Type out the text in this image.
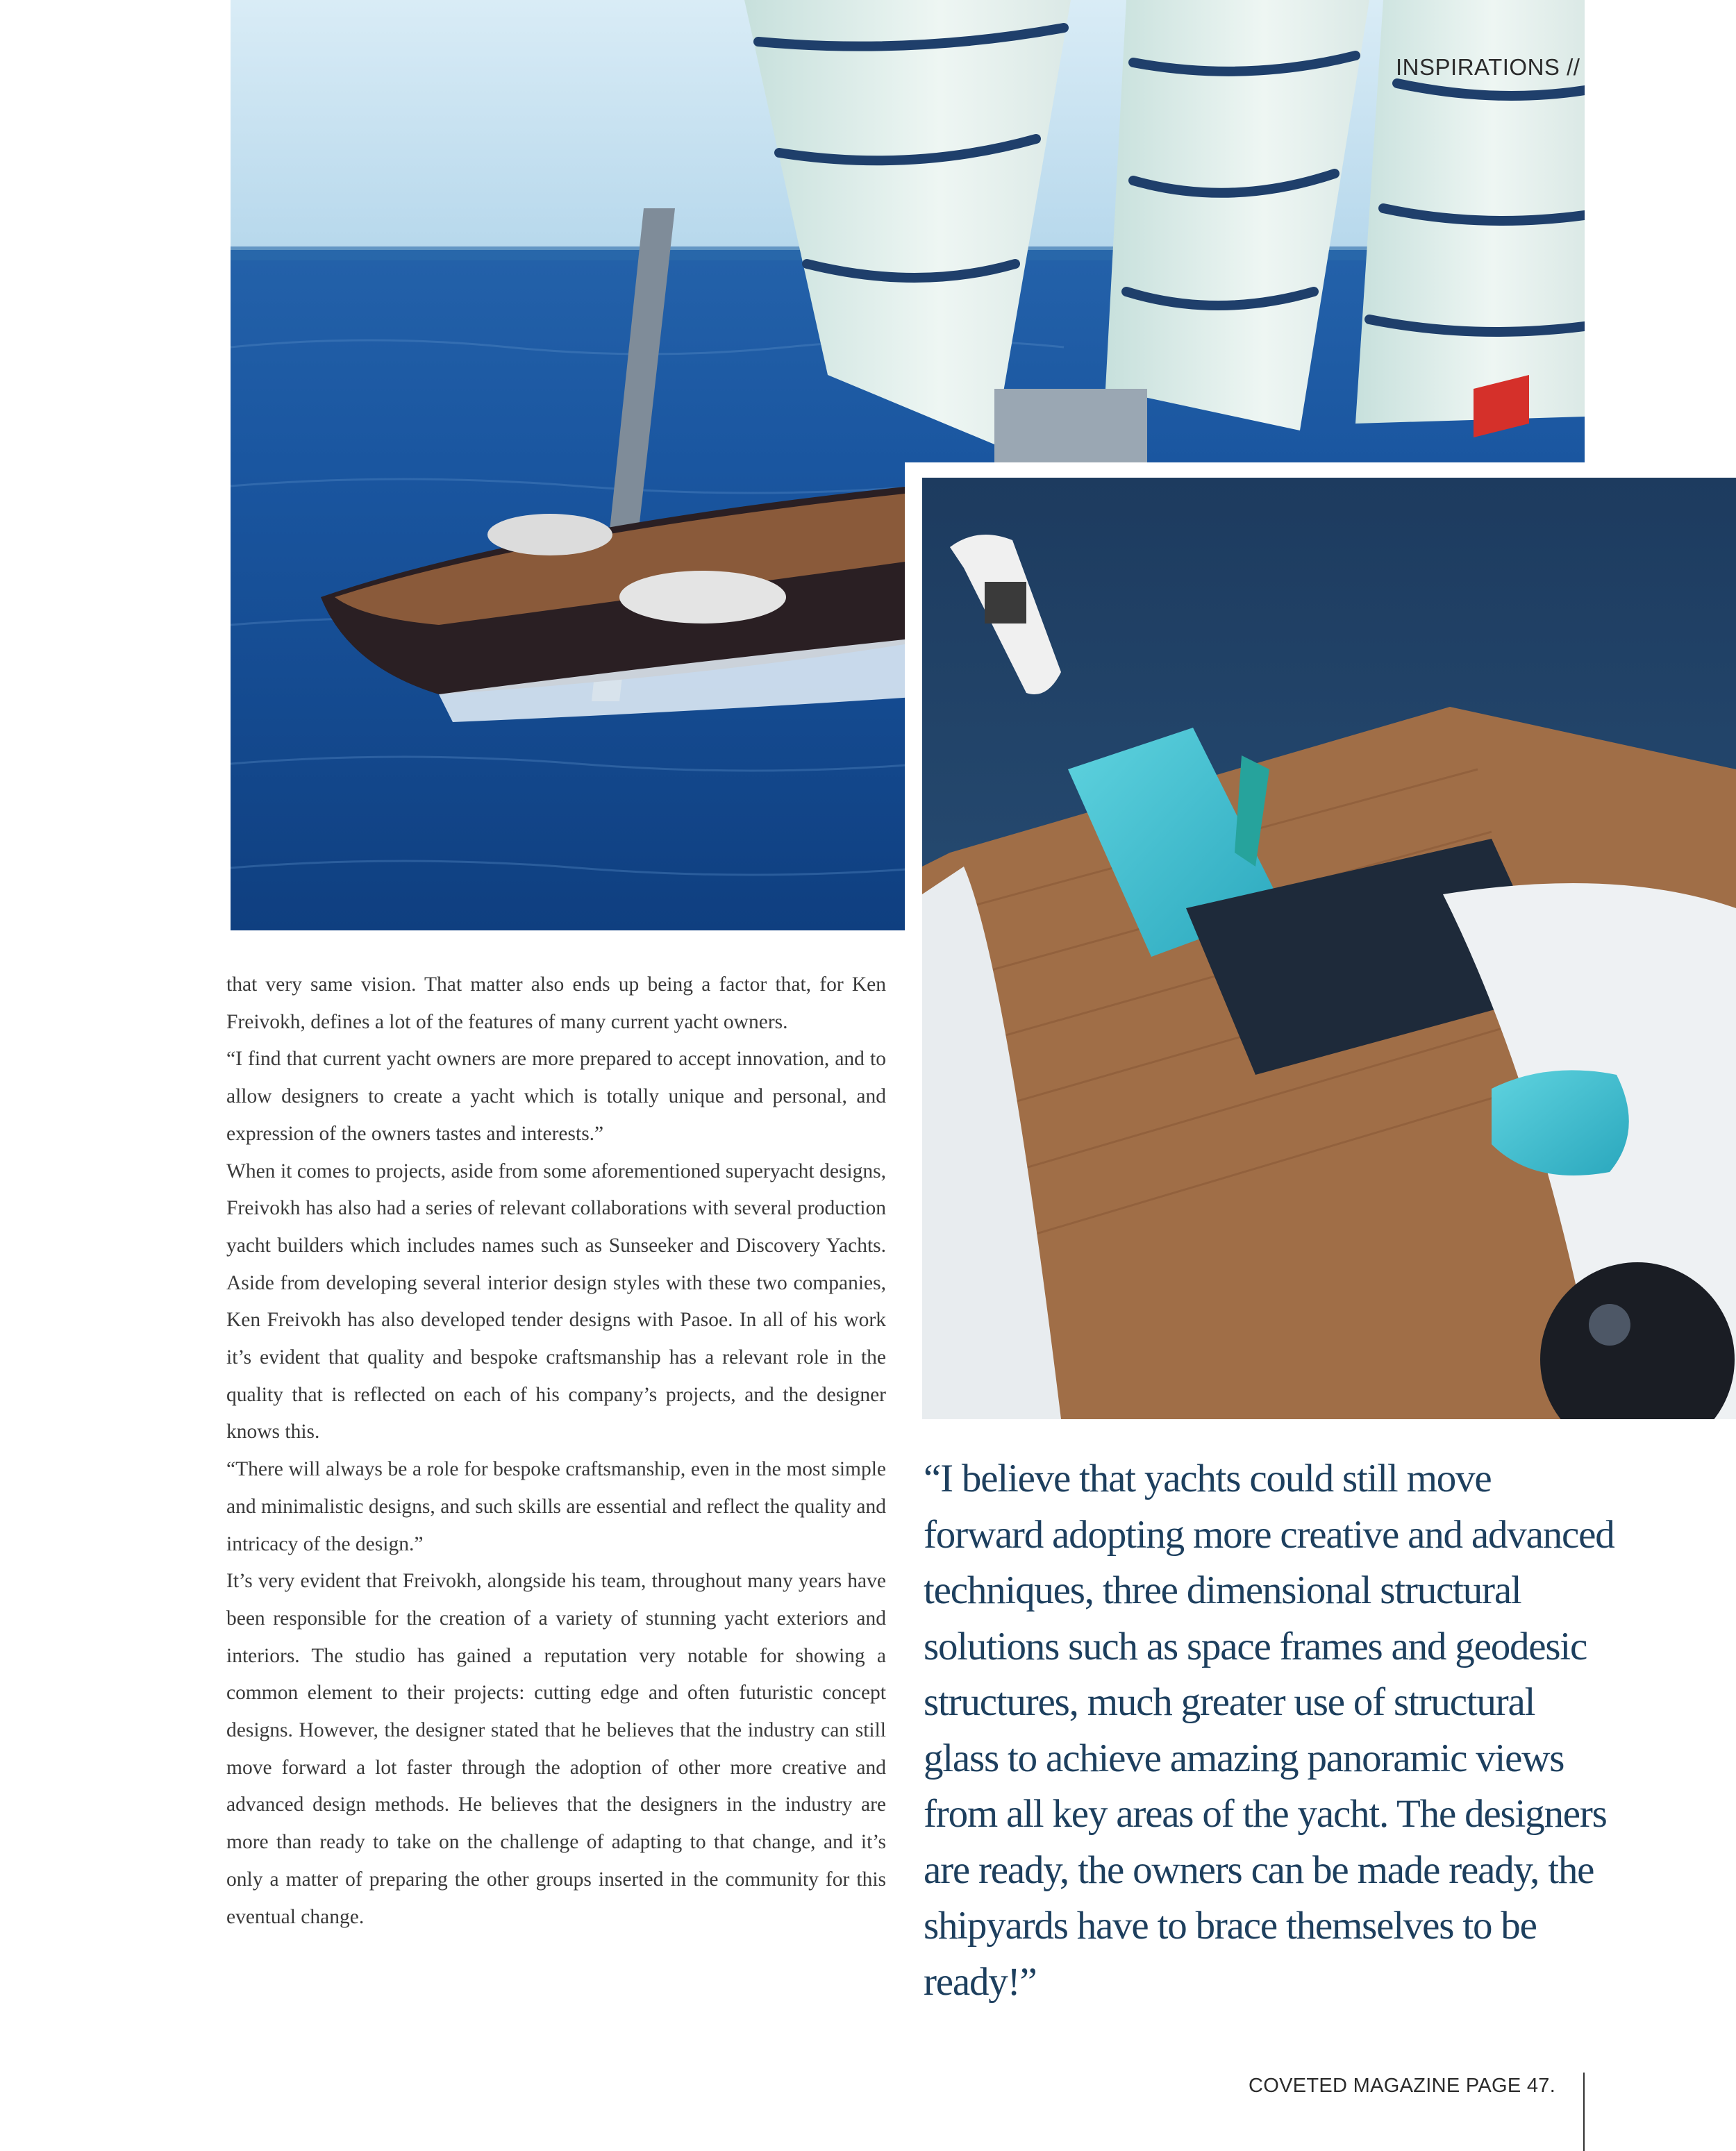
INSPIRATIONS //

that very same vision. That matter also ends up being a factor that, for Ken Freivokh, defines a lot of the features of many current yacht owners.

“I find that current yacht owners are more prepared to accept innovation, and to allow designers to create a yacht which is totally unique and personal, and expression of the owners tastes and interests.”

When it comes to projects, aside from some aforementioned superyacht designs, Freivokh has also had a series of relevant collaborations with several production yacht builders which includes names such as Sunseeker and Discovery Yachts. Aside from developing several interior design styles with these two companies, Ken Freivokh has also developed tender designs with Pasoe. In all of his work it’s evident that quality and bespoke craftsmanship has a relevant role in the quality that is reflected on each of his company’s projects, and the designer knows this.

“There will always be a role for bespoke craftsmanship, even in the most simple and minimalistic designs, and such skills are essential and reflect the quality and intricacy of the design.”

It’s very evident that Freivokh, alongside his team, throughout many years have been responsible for the creation of a variety of stunning yacht exteriors and interiors. The studio has gained a reputation very notable for showing a common element to their projects: cutting edge and often futuristic concept designs. However, the designer stated that he believes that the industry can still move forward a lot faster through the adoption of other more creative and advanced design methods. He believes that the designers in the industry are more than ready to take on the challenge of adapting to that change, and it’s only a matter of preparing the other groups inserted in the community for this eventual change.

“I believe that yachts could still move forward adopting more creative and advanced techniques, three dimensional structural solutions such as space frames and geodesic structures, much greater use of structural glass to achieve amazing panoramic views from all key areas of the yacht. The designers are ready, the owners can be made ready, the shipyards have to brace themselves to be ready!”

COVETED MAGAZINE PAGE 47.
